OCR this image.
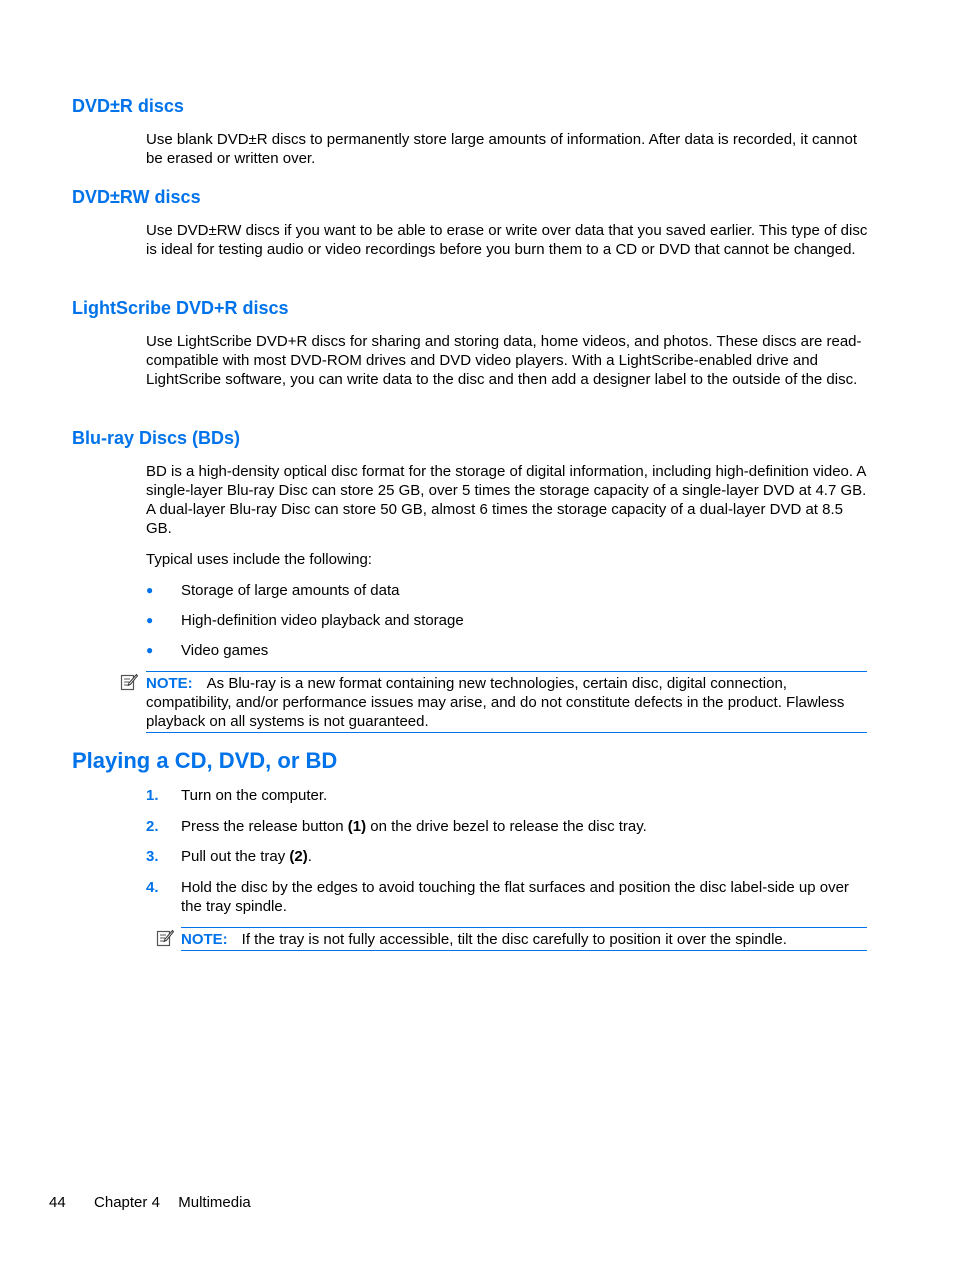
DVD±R discs

Use blank DVD±R discs to permanently store large amounts of information. After data is recorded, it cannot be erased or written over.

DVD±RW discs

Use DVD±RW discs if you want to be able to erase or write over data that you saved earlier. This type of disc is ideal for testing audio or video recordings before you burn them to a CD or DVD that cannot be changed.

LightScribe DVD+R discs

Use LightScribe DVD+R discs for sharing and storing data, home videos, and photos. These discs are read-compatible with most DVD-ROM drives and DVD video players. With a LightScribe-enabled drive and LightScribe software, you can write data to the disc and then add a designer label to the outside of the disc.

Blu-ray Discs (BDs)

BD is a high-density optical disc format for the storage of digital information, including high-definition video. A single-layer Blu-ray Disc can store 25 GB, over 5 times the storage capacity of a single-layer DVD at 4.7 GB. A dual-layer Blu-ray Disc can store 50 GB, almost 6 times the storage capacity of a dual-layer DVD at 8.5 GB.

Typical uses include the following:

● Storage of large amounts of data
● High-definition video playback and storage
● Video games
NOTE: As Blu-ray is a new format containing new technologies, certain disc, digital connection, compatibility, and/or performance issues may arise, and do not constitute defects in the product. Flawless playback on all systems is not guaranteed.
Playing a CD, DVD, or BD
1. Turn on the computer.
2. Press the release button (1) on the drive bezel to release the disc tray.
3. Pull out the tray (2).
4. Hold the disc by the edges to avoid touching the flat surfaces and position the disc label-side up over the tray spindle.
NOTE: If the tray is not fully accessible, tilt the disc carefully to position it over the spindle.
44 Chapter 4 Multimedia
